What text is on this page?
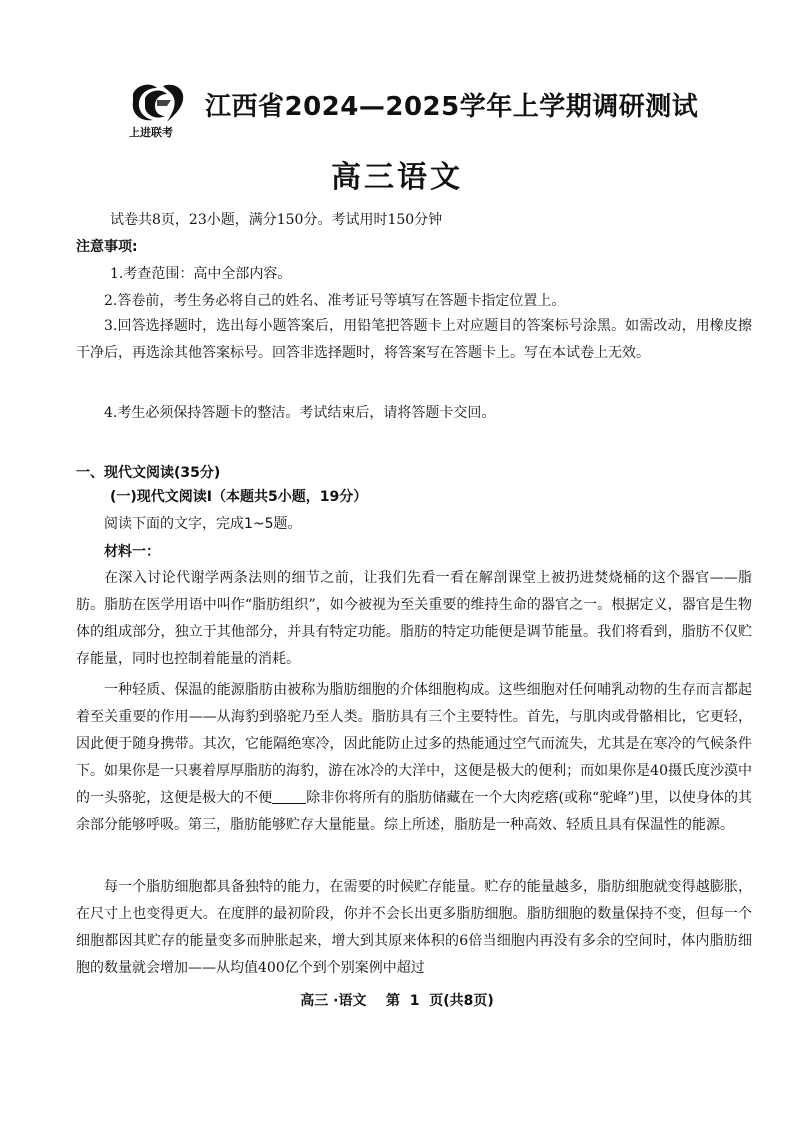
上进联考
江西省2024—2025学年上学期调研测试
高三语文
试卷共8页，23小题，满分150分。考试用时150分钟
注意事项:
1.考查范围：高中全部内容。
2.答卷前，考生务必将自己的姓名、准考证号等填写在答题卡指定位置上。

3.回答选择题时，选出每小题答案后，用铅笔把答题卡上对应题目的答案标号涂黑。如需改动，用橡皮擦干净后，再选涂其他答案标号。回答非选择题时，将答案写在答题卡上。写在本试卷上无效。

4.考生必须保持答题卡的整洁。考试结束后，请将答题卡交回。
一、现代文阅读(35分)
(一)现代文阅读Ⅰ（本题共5小题，19分）
阅读下面的文字，完成1~5题。
材料一：

在深入讨论代谢学两条法则的细节之前，让我们先看一看在解剖课堂上被扔进焚烧桶的这个器官——脂肪。脂肪在医学用语中叫作“脂肪组织”，如今被视为至关重要的维持生命的器官之一。根据定义，器官是生物体的组成部分，独立于其他部分，并具有特定功能。脂肪的特定功能便是调节能量。我们将看到，脂肪不仅贮存能量，同时也控制着能量的消耗。

一种轻质、保温的能源脂肪由被称为脂肪细胞的介体细胞构成。这些细胞对任何哺乳动物的生存而言都起着至关重要的作用——从海豹到骆驼乃至人类。脂肪具有三个主要特性。首先，与肌肉或骨骼相比，它更轻，因此便于随身携带。其次，它能隔绝寒冷，因此能防止过多的热能通过空气而流失，尤其是在寒冷的气候条件下。如果你是一只裹着厚厚脂肪的海豹，游在冰冷的大洋中，这便是极大的便利；而如果你是40摄氏度沙漠中的一头骆驼，这便是极大的不便 除非你将所有的脂肪储藏在一个大肉疙瘩(或称“驼峰”)里，以使身体的其余部分能够呼吸。第三，脂肪能够贮存大量能量。综上所述，脂肪是一种高效、轻质且具有保温性的能源。

每一个脂肪细胞都具备独特的能力，在需要的时候贮存能量。贮存的能量越多，脂肪细胞就变得越膨胀，在尺寸上也变得更大。在度胖的最初阶段，你并不会长出更多脂肪细胞。脂肪细胞的数量保持不变，但每一个细胞都因其贮存的能量变多而肿胀起来，增大到其原来体积的6倍当细胞内再没有多余的空间时，体内脂肪细胞的数量就会增加——从均值400亿个到个别案例中超过

高三 ·语文    第  1  页(共8页)
